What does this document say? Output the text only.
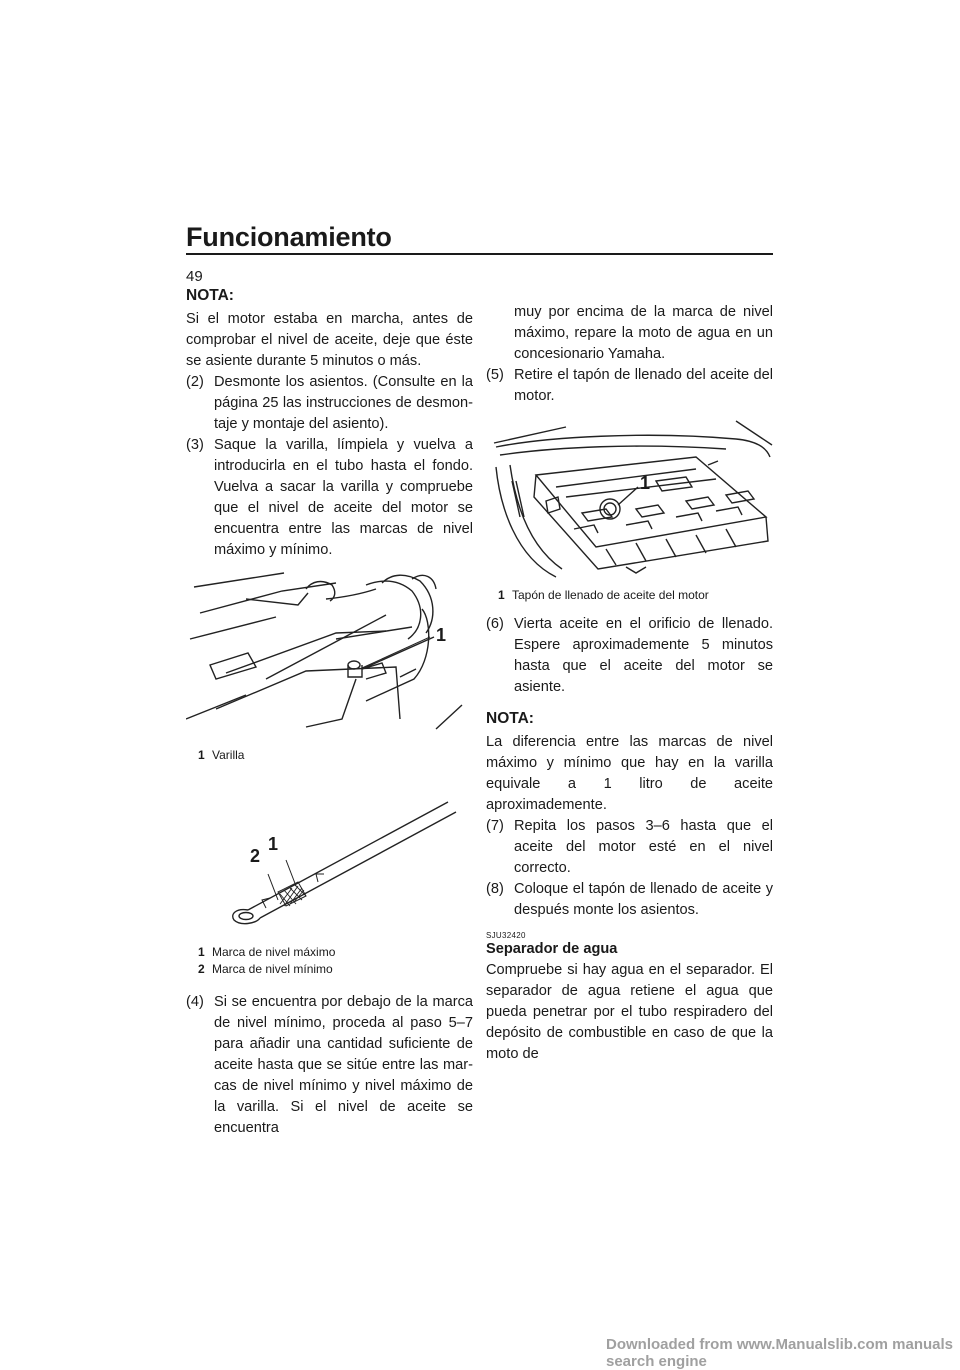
Funcionamiento
49
NOTA:

Si el motor estaba en marcha, antes de comprobar el nivel de aceite, deje que éste se asiente durante 5 minutos o más.

(2) Desmonte los asientos. (Consulte en la página 25 las instrucciones de desmontaje y montaje del asiento).
(3) Saque la varilla, límpiela y vuelva a introducirla en el tubo hasta el fondo. Vuelva a sacar la varilla y compruebe que el nivel de aceite del motor se encuentra entre las marcas de nivel máximo y mínimo.
1
1 Varilla
1
2
1 Marca de nivel máximo
2 Marca de nivel mínimo
(4) Si se encuentra por debajo de la marca de nivel mínimo, proceda al paso 5–7 para añadir una cantidad suficiente de aceite hasta que se sitúe entre las marcas de nivel mínimo y nivel máximo de la varilla. Si el nivel de aceite se encuentra

muy por encima de la marca de nivel máximo, repare la moto de agua en un concesionario Yamaha.

(5) Retire el tapón de llenado del aceite del motor.
1
1 Tapón de llenado de aceite del motor
(6) Vierta aceite en el orificio de llenado. Espere aproximademente 5 minutos hasta que el aceite del motor se asiente.
NOTA:

La diferencia entre las marcas de nivel máximo y mínimo que hay en la varilla equivale a 1 litro de aceite aproximademente.

(7) Repita los pasos 3–6 hasta que el aceite del motor esté en el nivel correcto.
(8) Coloque el tapón de llenado de aceite y después monte los asientos.
SJU32420
Separador de agua

Compruebe si hay agua en el separador. El separador de agua retiene el agua que pueda penetrar por el tubo respiradero del depósito de combustible en caso de que la moto de

Downloaded from www.Manualslib.com manuals search engine
